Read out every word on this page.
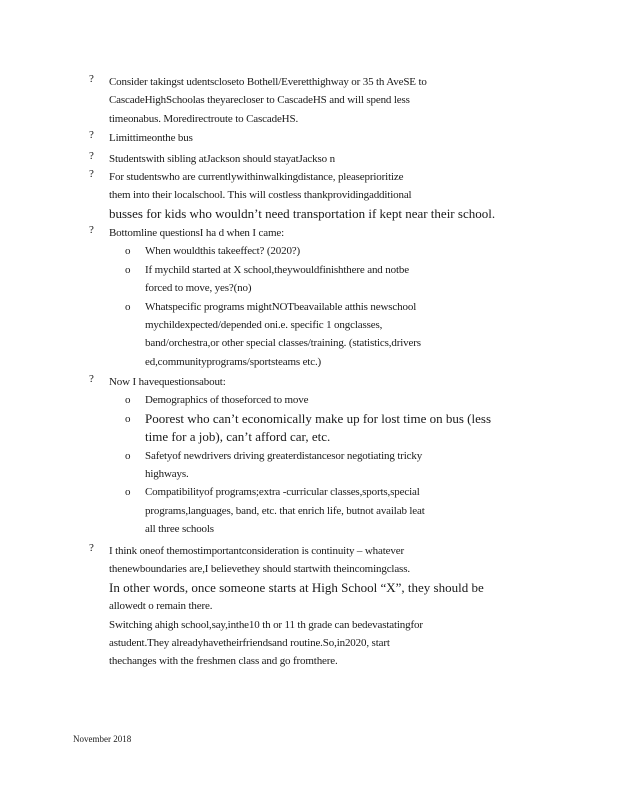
? Consider takingst udentscloseto Bothell/Everetthighway or 35 th AveSE to
CascadeHighSchoolas theyarecloser to CascadeHS and will spend less
timeonabus. Moredirectroute to CascadeHS.
? Limittimeonthe bus
? Studentswith sibling atJackson should stayatJackso n
? For studentswho are currentlywithinwalkingdistance, pleaseprioritize
them into their localschool. This will costless thankprovidingadditional
busses for kids who wouldn’t need transportation if kept near their school.
? Bottomline questionsI ha d when I came:
o When wouldthis takeeffect? (2020?)
o If mychild started at X school,theywouldfinishthere and notbe
forced to move, yes?(no)
o Whatspecific programs mightNOTbeavailable atthis newschool
mychildexpected/depended oni.e. specific 1 ongclasses,
band/orchestra,or other special classes/training. (statistics,drivers
ed,communityprograms/sportsteams etc.)
? Now I havequestionsabout:
o Demographics of thoseforced to move
o Poorest who can’t economically make up for lost time on bus (less
time for a job), can’t afford car, etc.
o Safetyof newdrivers driving greaterdistancesor negotiating tricky
highways.
o Compatibilityof programs;extra -curricular classes,sports,special
programs,languages, band, etc. that enrich life, butnot availab leat
all three schools
? I think oneof themostimportantconsideration is continuity – whatever
thenewboundaries are,I believethey should startwith theincomingclass.
In other words, once someone starts at High School “X”, they should be
allowedt o remain there.
Switching ahigh school,say,inthe10 th or 11 th grade can bedevastatingfor
astudent.They alreadyhavetheirfriendsand routine.So,in2020, start
thechanges with the freshmen class and go fromthere.
November 2018
